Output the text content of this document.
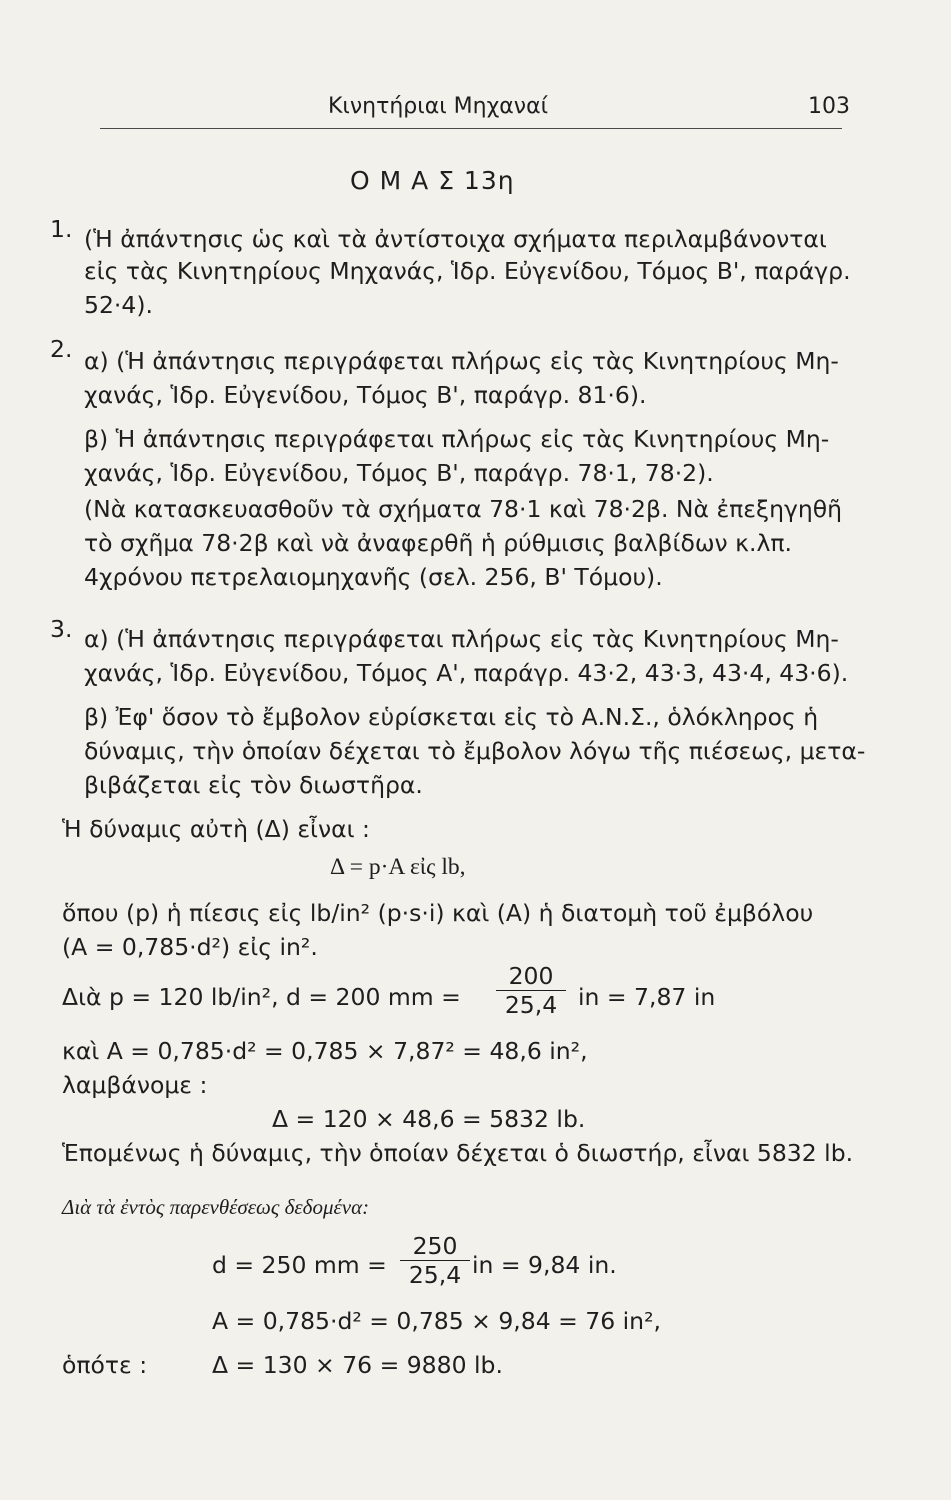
Κινητήριαι Μηχαναί	103
Ο Μ Α Σ 13η
1. (Ἡ ἀπάντησις ὡς καὶ τὰ ἀντίστοιχα σχήματα περιλαμβάνονται
εἰς τὰς Κινητηρίους Μηχανάς, Ἱδρ. Εὐγενίδου, Τόμος Β', παράγρ.
52·4).
2. α) (Ἡ ἀπάντησις περιγράφεται πλήρως εἰς τὰς Κινητηρίους Μη-
χανάς, Ἱδρ. Εὐγενίδου, Τόμος Β', παράγρ. 81·6).
β) Ἡ ἀπάντησις περιγράφεται πλήρως εἰς τὰς Κινητηρίους Μη-
χανάς, Ἱδρ. Εὐγενίδου, Τόμος Β', παράγρ. 78·1, 78·2).
(Νὰ κατασκευασθοῦν τὰ σχήματα 78·1 καὶ 78·2β. Νὰ ἐπεξηγηθῆ
τὸ σχῆμα 78·2β καὶ νὰ ἀναφερθῆ ἡ ρύθμισις βαλβίδων κ.λπ.
4χρόνου πετρελαιομηχανῆς (σελ. 256, Β' Τόμου).
3. α) (Ἡ ἀπάντησις περιγράφεται πλήρως εἰς τὰς Κινητηρίους Μη-
χανάς, Ἱδρ. Εὐγενίδου, Τόμος Α', παράγρ. 43·2, 43·3, 43·4, 43·6).
β) Ἐφ' ὅσον τὸ ἔμβολον εὑρίσκεται εἰς τὸ Α.Ν.Σ., ὁλόκληρος ἡ
δύναμις, τὴν ὁποίαν δέχεται τὸ ἔμβολον λόγω τῆς πιέσεως, μετα-
βιβάζεται εἰς τὸν διωστῆρα.
Ἡ δύναμις αὐτὴ (Δ) εἶναι :
Δ = p·A εἰς lb,
ὅπου (p) ἡ πίεσις εἰς lb/in² (p·s·i) καὶ (A) ἡ διατομὴ τοῦ ἐμβόλου
(A = 0,785·d²) εἰς in².
Διὰ p = 120 lb/in², d = 200 mm = $\frac{200}{25,4}$ in = 7,87 in
καὶ A = 0,785·d² = 0,785 × 7,87² = 48,6 in²,
λαμβάνομε :
Δ = 120 × 48,6 = 5832 lb.
Ἑπομένως ἡ δύναμις, τὴν ὁποίαν δέχεται ὁ διωστήρ, εἶναι 5832 lb.
Διὰ τὰ ἐντὸς παρενθέσεως δεδομένα:
d = 250 mm = $\frac{250}{25,4}$ in = 9,84 in.
A = 0,785·d² = 0,785 × 9,84 = 76 in²,
ὁπότε :	Δ = 130 × 76 = 9880 lb.
